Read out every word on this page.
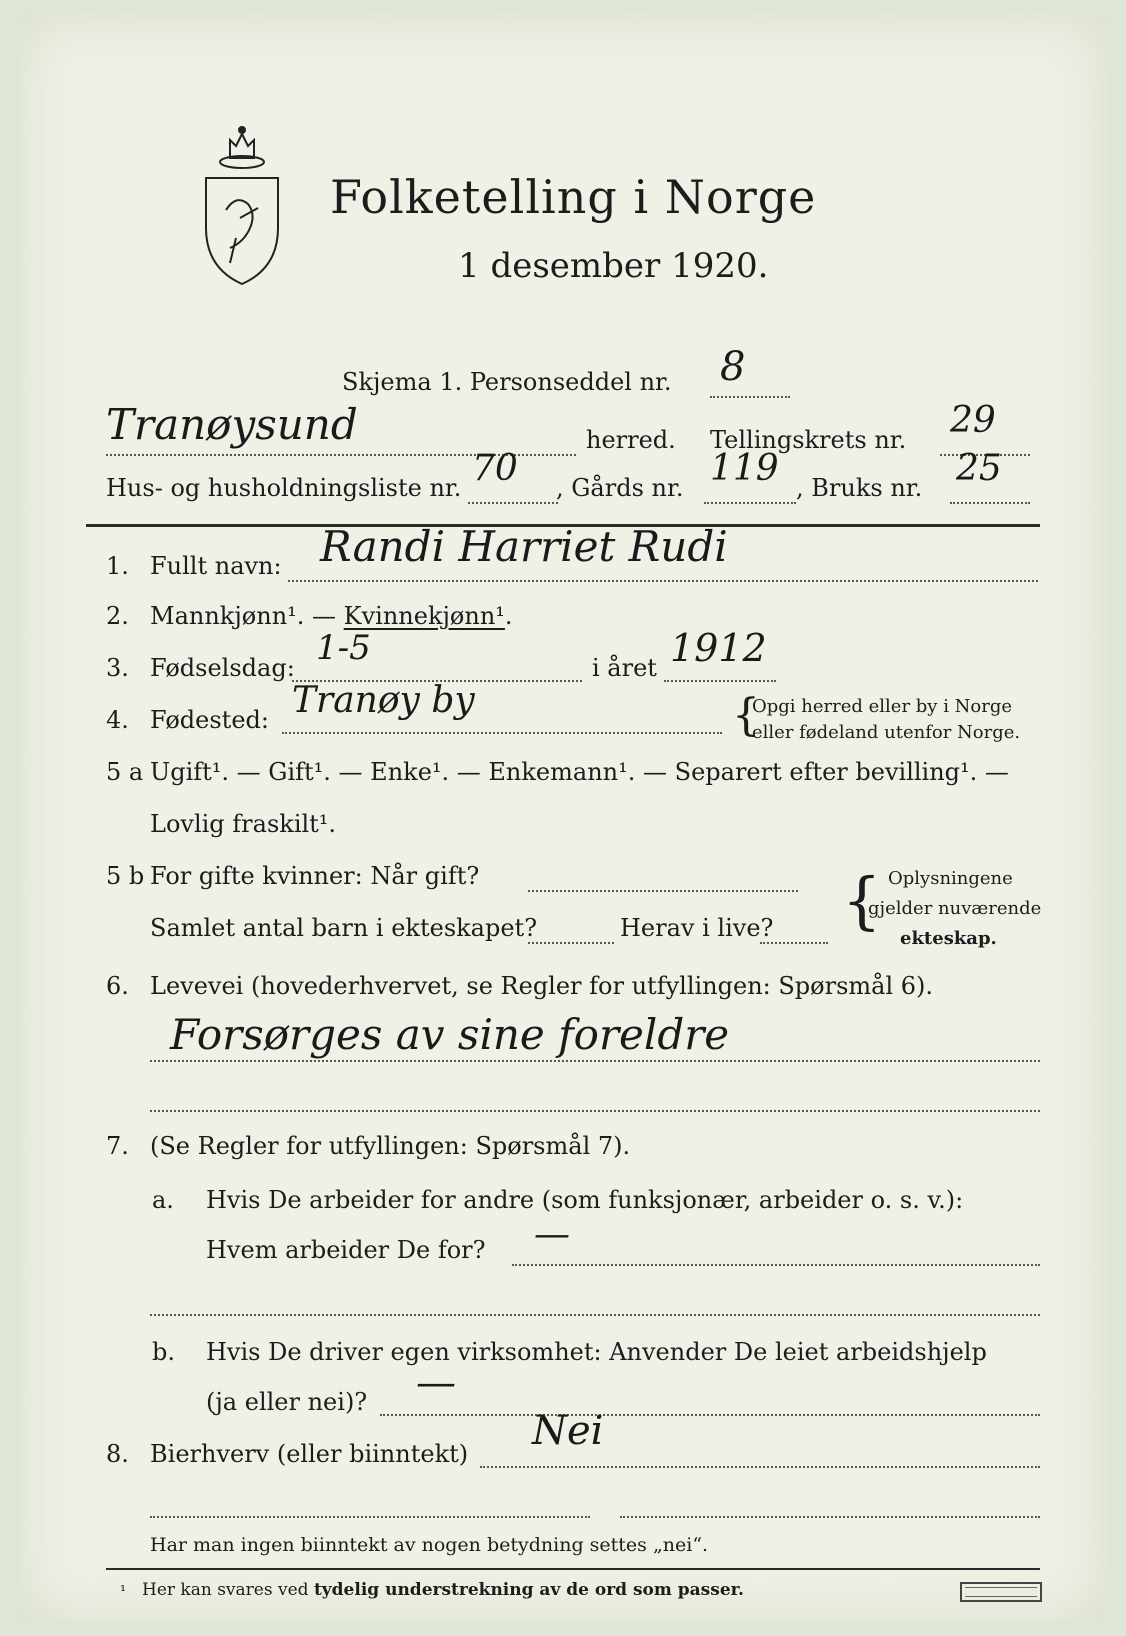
Folketelling i Norge
1 desember 1920.
Skjema 1. Personseddel nr. 8
Tranøysund	herred. Tellingskrets nr. 29
Hus- og husholdningsliste nr. 70 , Gårds nr. 119 , Bruks nr. 25
1. Fullt navn: Randi Harriet Rudi
2. Mannkjønn¹. — Kvinnekjønn¹.
3. Fødselsdag: 1-5	i året 1912
4. Fødested: Tranøy by	{
Opgi herred eller by i Norge
eller fødeland utenfor Norge.
5 a Ugift¹. — Gift¹. — Enke¹. — Enkemann¹. — Separert efter bevilling¹. —
Lovlig fraskilt¹.
5 b For gifte kvinner: Når gift?
Samlet antal barn i ekteskapet?	Herav i live? { Oplysningene
gjelder nuværende
ekteskap.
6. Levevei (hovederhvervet, se Regler for utfyllingen: Spørsmål 6).
Forsørges av sine foreldre
7. (Se Regler for utfyllingen: Spørsmål 7).
a. Hvis De arbeider for andre (som funksjonær, arbeider o. s. v.):
Hvem arbeider De for? —
b. Hvis De driver egen virksomhet: Anvender De leiet arbeidshjelp
(ja eller nei)? —
8. Bierhverv (eller biinntekt) Nei
Har man ingen biinntekt av nogen betydning settes „nei“.
¹ Her kan svares ved tydelig understrekning av de ord som passer.
